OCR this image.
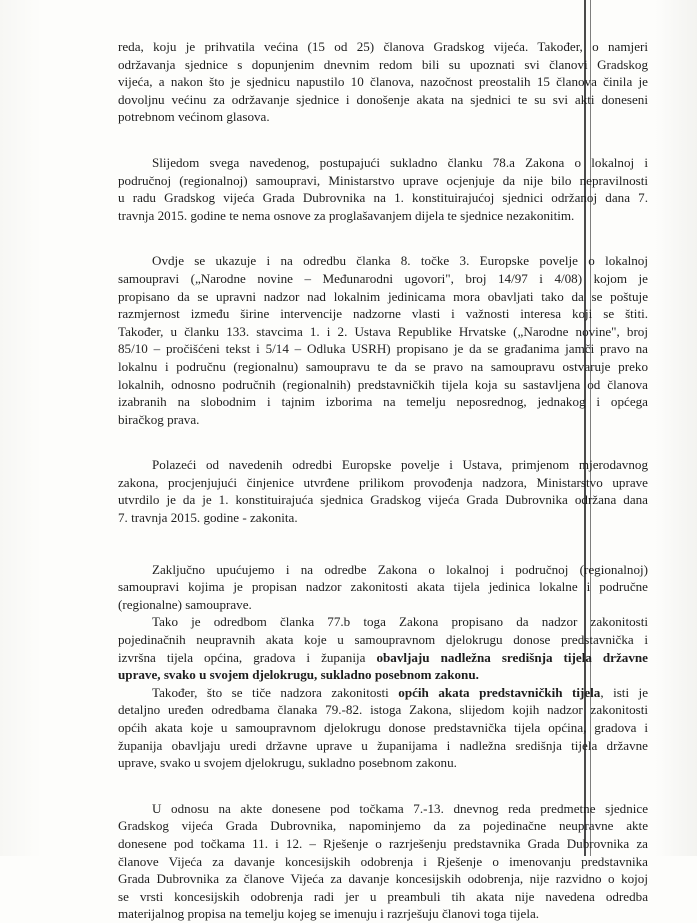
reda, koju je prihvatila većina (15 od 25) članova Gradskog vijeća. Također, o namjeri
održavanja sjednice s dopunjenim dnevnim redom bili su upoznati svi članovi Gradskog
vijeća, a nakon što je sjednicu napustilo 10 članova, nazočnost preostalih 15 članova činila je
dovoljnu većinu za održavanje sjednice i donošenje akata na sjednici te su svi akti doneseni
potrebnom većinom glasova.
Slijedom svega navedenog, postupajući sukladno članku 78.a Zakona o lokalnoj i
područnoj (regionalnoj) samoupravi, Ministarstvo uprave ocjenjuje da nije bilo nepravilnosti
u radu Gradskog vijeća Grada Dubrovnika na 1. konstituirajućoj sjednici održanoj dana 7.
travnja 2015. godine te nema osnove za proglašavanjem dijela te sjednice nezakonitim.
Ovdje se ukazuje i na odredbu članka 8. točke 3. Europske povelje o lokalnoj
samoupravi („Narodne novine – Međunarodni ugovori", broj 14/97 i 4/08) kojom je
propisano da se upravni nadzor nad lokalnim jedinicama mora obavljati tako da se poštuje
razmjernost između širine intervencije nadzorne vlasti i važnosti interesa koji se štiti.
Također, u članku 133. stavcima 1. i 2. Ustava Republike Hrvatske („Narodne novine", broj
85/10 – pročišćeni tekst i 5/14 – Odluka USRH) propisano je da se građanima jamči pravo na
lokalnu i područnu (regionalnu) samoupravu te da se pravo na samoupravu ostvaruje preko
lokalnih, odnosno područnih (regionalnih) predstavničkih tijela koja su sastavljena od članova
izabranih na slobodnim i tajnim izborima na temelju neposrednog, jednakog i općega
biračkog prava.
Polazeći od navedenih odredbi Europske povelje i Ustava, primjenom mjerodavnog
zakona, procjenjujući činjenice utvrđene prilikom provođenja nadzora, Ministarstvo uprave
utvrdilo je da je 1. konstituirajuća sjednica Gradskog vijeća Grada Dubrovnika održana dana
7. travnja 2015. godine - zakonita.
Zaključno upućujemo i na odredbe Zakona o lokalnoj i područnoj (regionalnoj)
samoupravi kojima je propisan nadzor zakonitosti akata tijela jedinica lokalne i područne
(regionalne) samouprave.
Tako je odredbom članka 77.b toga Zakona propisano da nadzor zakonitosti
pojedinačnih neupravnih akata koje u samoupravnom djelokrugu donose predstavnička i
izvršna tijela općina, gradova i županija obavljaju nadležna središnja tijela državne
uprave, svako u svojem djelokrugu, sukladno posebnom zakonu.
Također, što se tiče nadzora zakonitosti općih akata predstavničkih tijela, isti je
detaljno uređen odredbama članaka 79.-82. istoga Zakona, slijedom kojih nadzor zakonitosti
općih akata koje u samoupravnom djelokrugu donose predstavnička tijela općina, gradova i
županija obavljaju uredi državne uprave u županijama i nadležna središnja tijela državne
uprave, svako u svojem djelokrugu, sukladno posebnom zakonu.
U odnosu na akte donesene pod točkama 7.-13. dnevnog reda predmetne sjednice
Gradskog vijeća Grada Dubrovnika, napominjemo da za pojedinačne neupravne akte
donesene pod točkama 11. i 12. – Rješenje o razrješenju predstavnika Grada Dubrovnika za
članove Vijeća za davanje koncesijskih odobrenja i Rješenje o imenovanju predstavnika
Grada Dubrovnika za članove Vijeća za davanje koncesijskih odobrenja, nije razvidno o kojoj
se vrsti koncesijskih odobrenja radi jer u preambuli tih akata nije navedena odredba
materijalnog propisa na temelju kojeg se imenuju i razrješuju članovi toga tijela.
